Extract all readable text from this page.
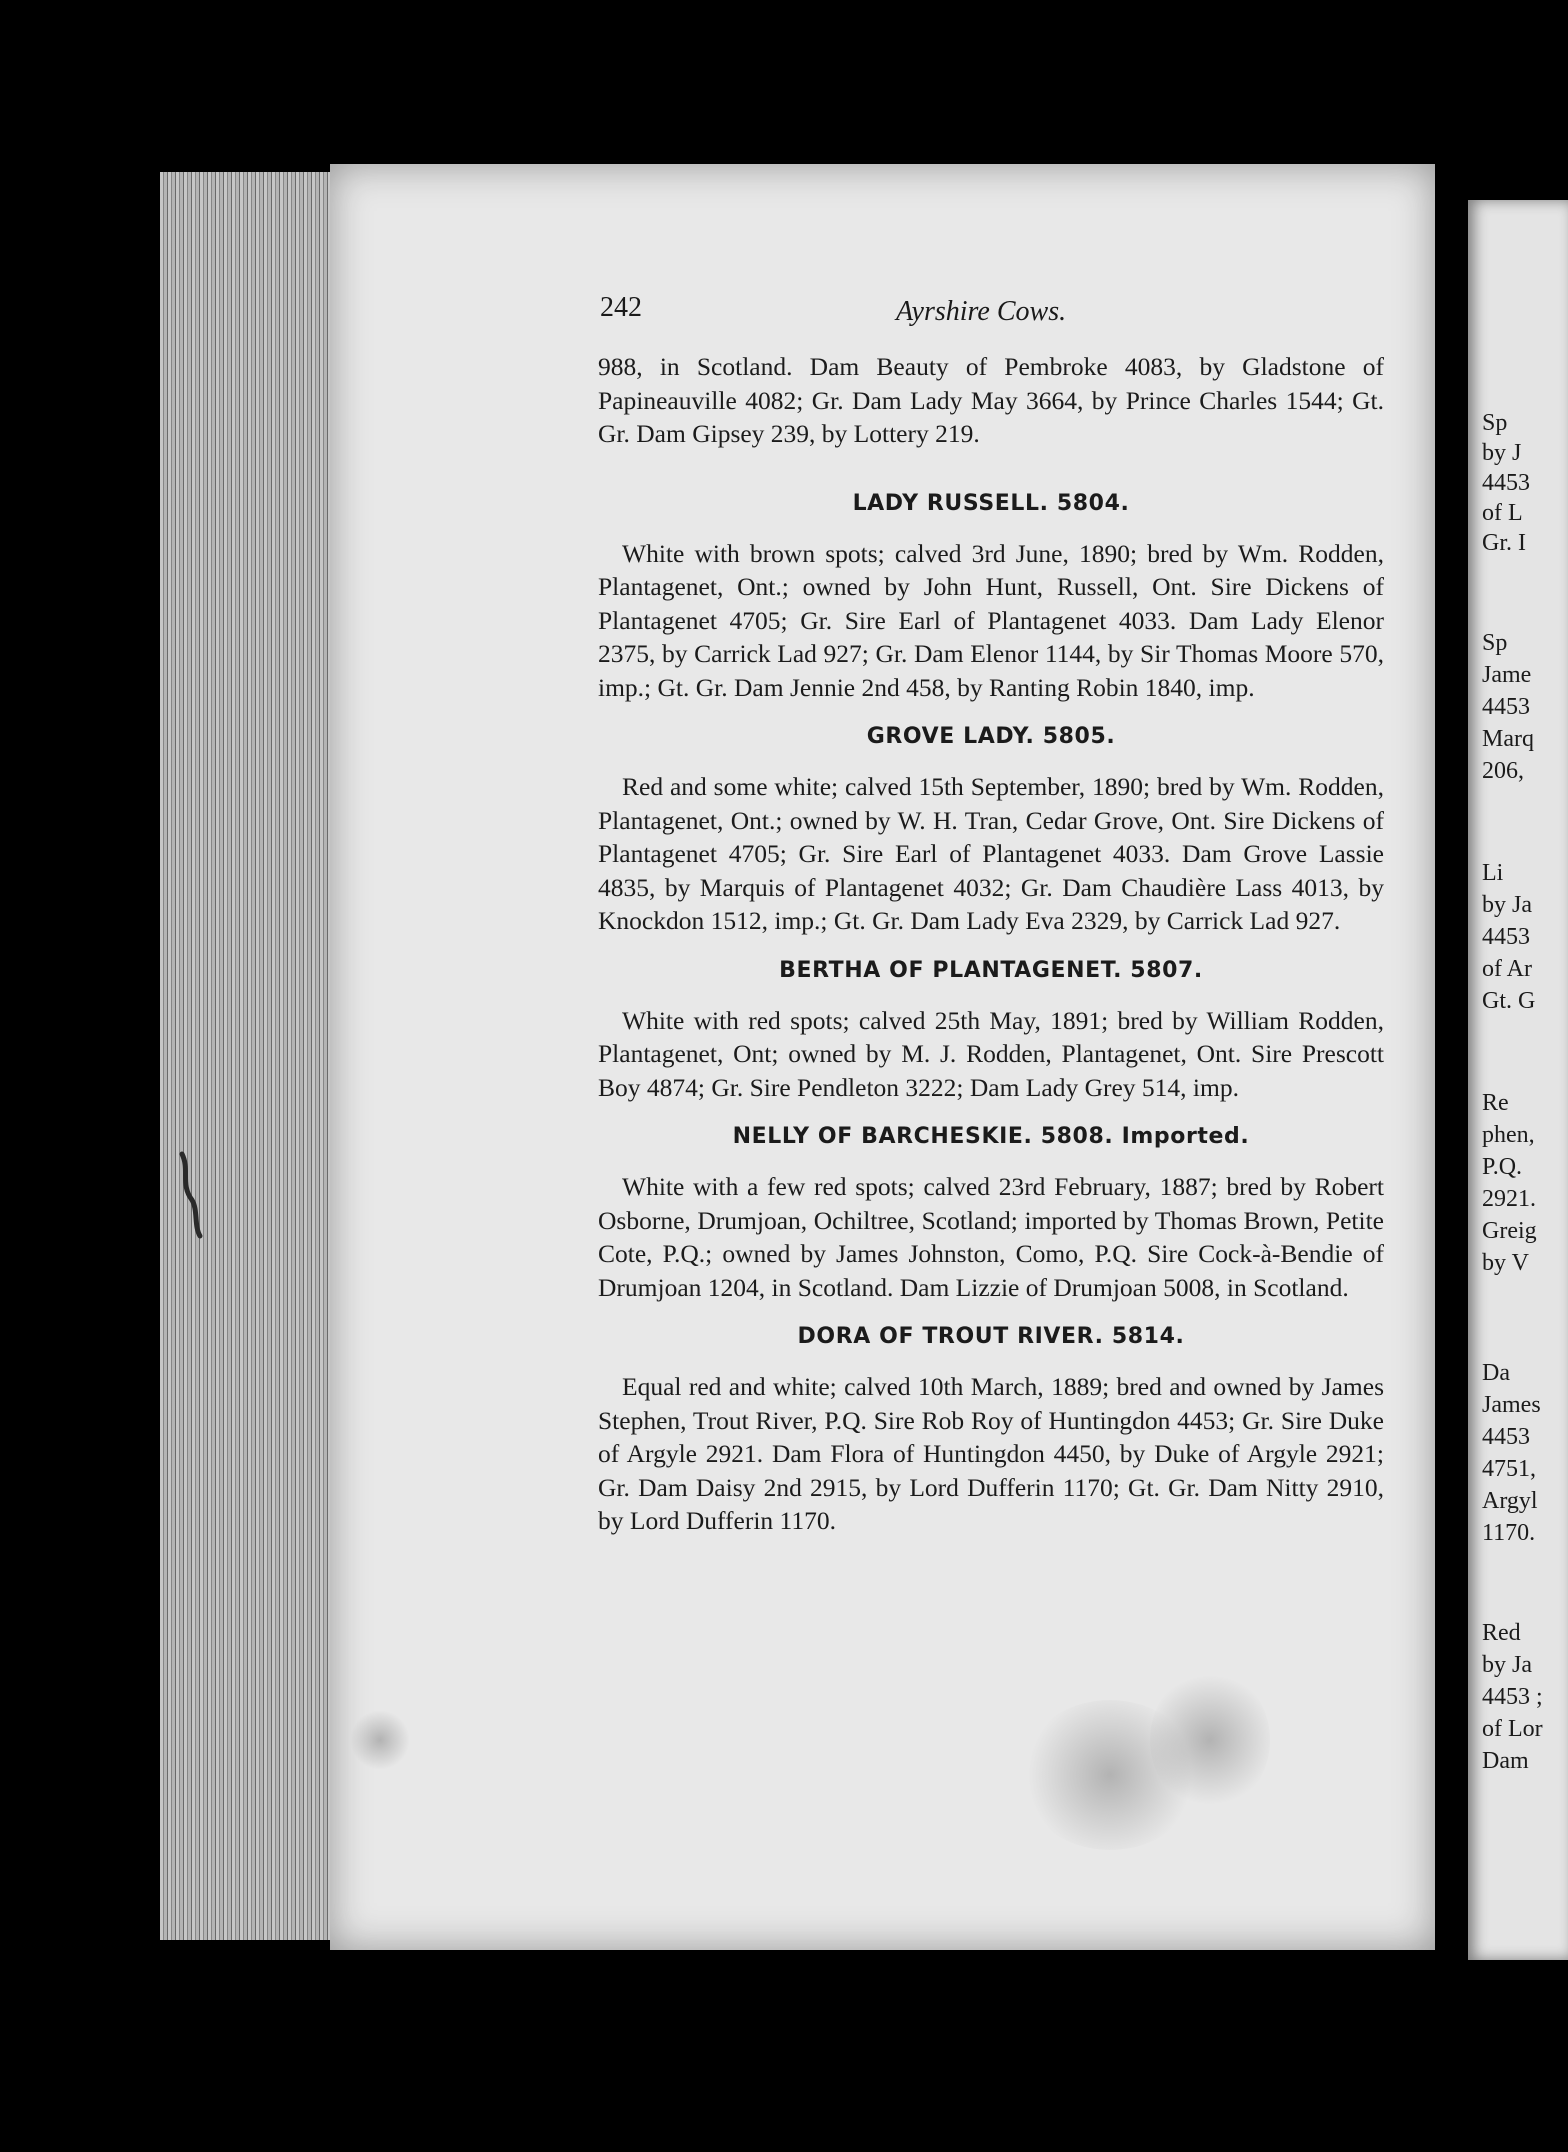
Sp
by J
4453
of L
Gr. I
Sp
Jame
4453
Marq
206,
Li
by Ja
4453
of Ar
Gt. G
Re
phen,
P.Q.
2921.
Greig
by V
Da
James
4453
4751,
Argyl
1170.
Red
by Ja
4453 ;
of Lor
Dam
242	Ayrshire Cows.

988, in Scotland. Dam Beauty of Pembroke 4083, by Gladstone of Papineauville 4082; Gr. Dam Lady May 3664, by Prince Charles 1544; Gt. Gr. Dam Gipsey 239, by Lottery 219.

LADY RUSSELL. 5804.

White with brown spots; calved 3rd June, 1890; bred by Wm. Rodden, Plantagenet, Ont.; owned by John Hunt, Russell, Ont. Sire Dickens of Plantagenet 4705; Gr. Sire Earl of Plantagenet 4033. Dam Lady Elenor 2375, by Carrick Lad 927; Gr. Dam Elenor 1144, by Sir Thomas Moore 570, imp.; Gt. Gr. Dam Jennie 2nd 458, by Ranting Robin 1840, imp.

GROVE LADY. 5805.

Red and some white; calved 15th September, 1890; bred by Wm. Rodden, Plantagenet, Ont.; owned by W. H. Tran, Cedar Grove, Ont. Sire Dickens of Plantagenet 4705; Gr. Sire Earl of Plantagenet 4033. Dam Grove Lassie 4835, by Marquis of Plantagenet 4032; Gr. Dam Chaudière Lass 4013, by Knockdon 1512, imp.; Gt. Gr. Dam Lady Eva 2329, by Carrick Lad 927.

BERTHA OF PLANTAGENET. 5807.

White with red spots; calved 25th May, 1891; bred by William Rodden, Plantagenet, Ont; owned by M. J. Rodden, Plantagenet, Ont. Sire Prescott Boy 4874; Gr. Sire Pendleton 3222; Dam Lady Grey 514, imp.

NELLY OF BARCHESKIE. 5808. Imported.

White with a few red spots; calved 23rd February, 1887; bred by Robert Osborne, Drumjoan, Ochiltree, Scotland; imported by Thomas Brown, Petite Cote, P.Q.; owned by James Johnston, Como, P.Q. Sire Cock-à-Bendie of Drumjoan 1204, in Scotland. Dam Lizzie of Drumjoan 5008, in Scotland.

DORA OF TROUT RIVER. 5814.

Equal red and white; calved 10th March, 1889; bred and owned by James Stephen, Trout River, P.Q. Sire Rob Roy of Huntingdon 4453; Gr. Sire Duke of Argyle 2921. Dam Flora of Huntingdon 4450, by Duke of Argyle 2921; Gr. Dam Daisy 2nd 2915, by Lord Dufferin 1170; Gt. Gr. Dam Nitty 2910, by Lord Dufferin 1170.
